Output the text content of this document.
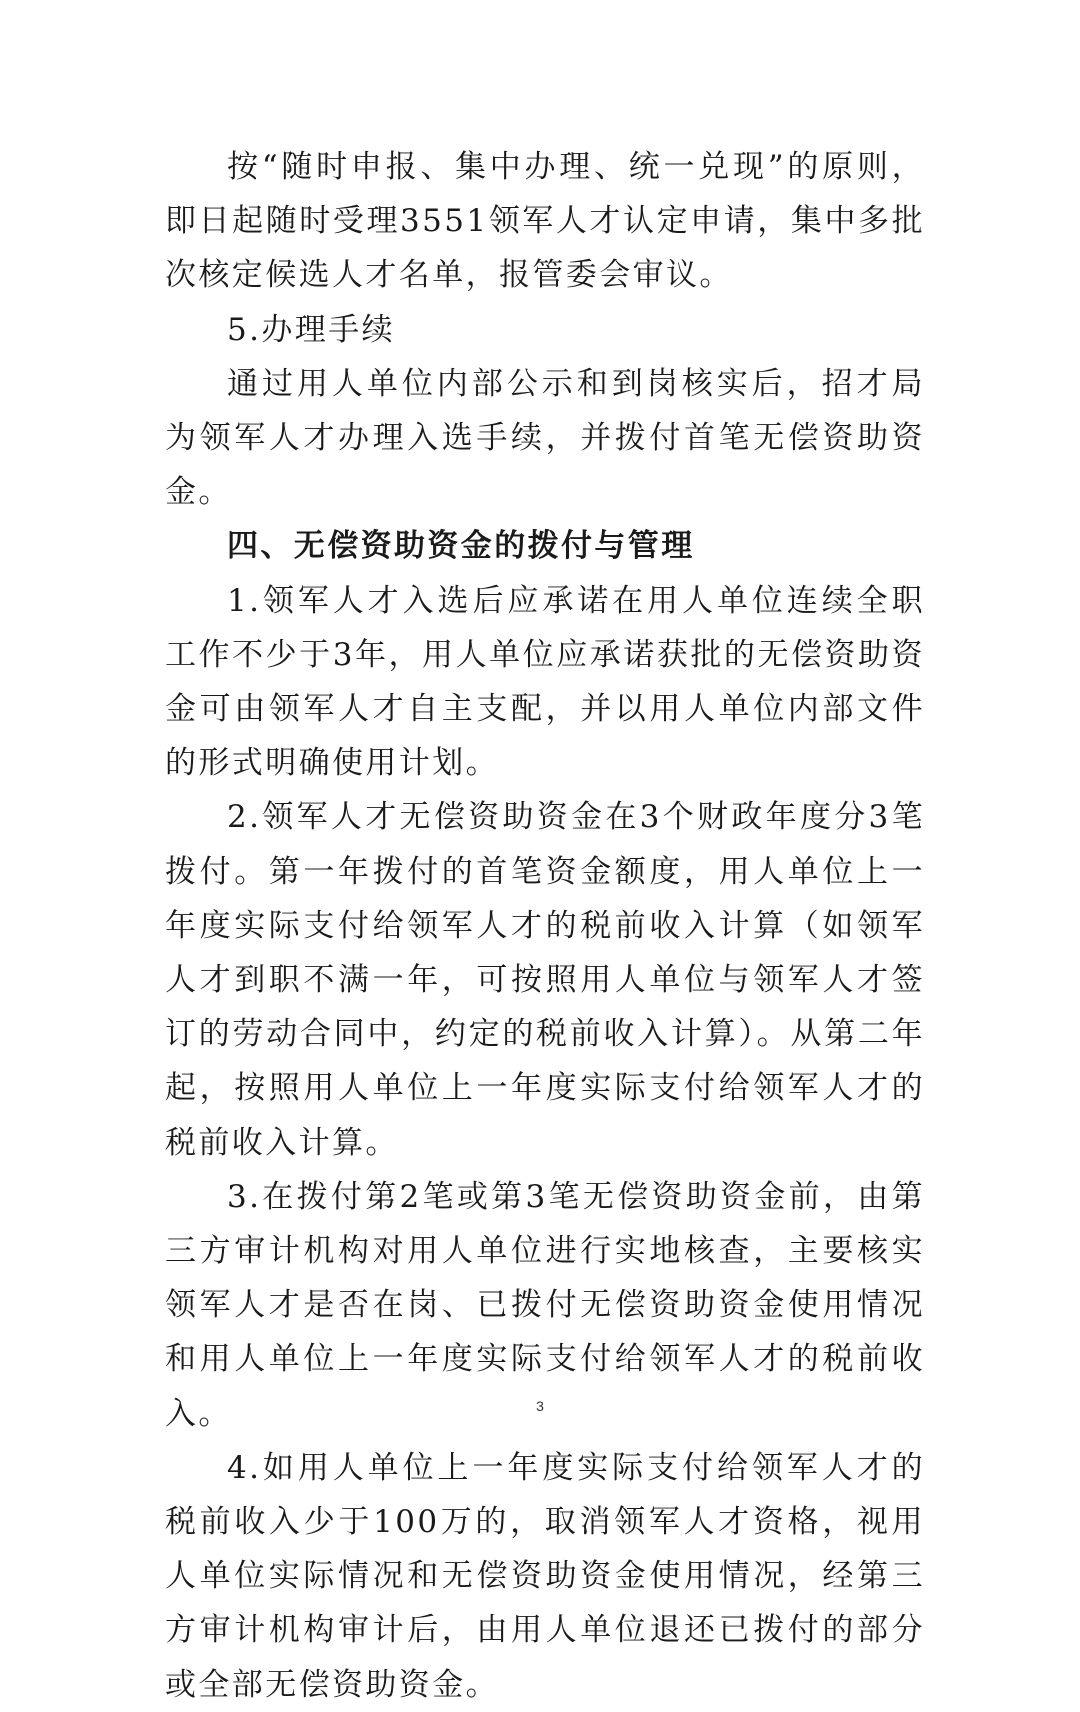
按“随时申报、集中办理、统一兑现”的原则，即日起随时受理3551领军人才认定申请，集中多批次核定候选人才名单，报管委会审议。

5.办理手续

通过用人单位内部公示和到岗核实后，招才局为领军人才办理入选手续，并拨付首笔无偿资助资金。

四、无偿资助资金的拨付与管理

1.领军人才入选后应承诺在用人单位连续全职工作不少于3年，用人单位应承诺获批的无偿资助资金可由领军人才自主支配，并以用人单位内部文件的形式明确使用计划。

2.领军人才无偿资助资金在3个财政年度分3笔拨付。第一年拨付的首笔资金额度，用人单位上一年度实际支付给领军人才的税前收入计算（如领军人才到职不满一年，可按照用人单位与领军人才签订的劳动合同中，约定的税前收入计算）。从第二年起，按照用人单位上一年度实际支付给领军人才的税前收入计算。

3.在拨付第2笔或第3笔无偿资助资金前，由第三方审计机构对用人单位进行实地核查，主要核实领军人才是否在岗、已拨付无偿资助资金使用情况和用人单位上一年度实际支付给领军人才的税前收入。

4.如用人单位上一年度实际支付给领军人才的税前收入少于100万的，取消领军人才资格，视用人单位实际情况和无偿资助资金使用情况，经第三方审计机构审计后，由用人单位退还已拨付的部分或全部无偿资助资金。

3
